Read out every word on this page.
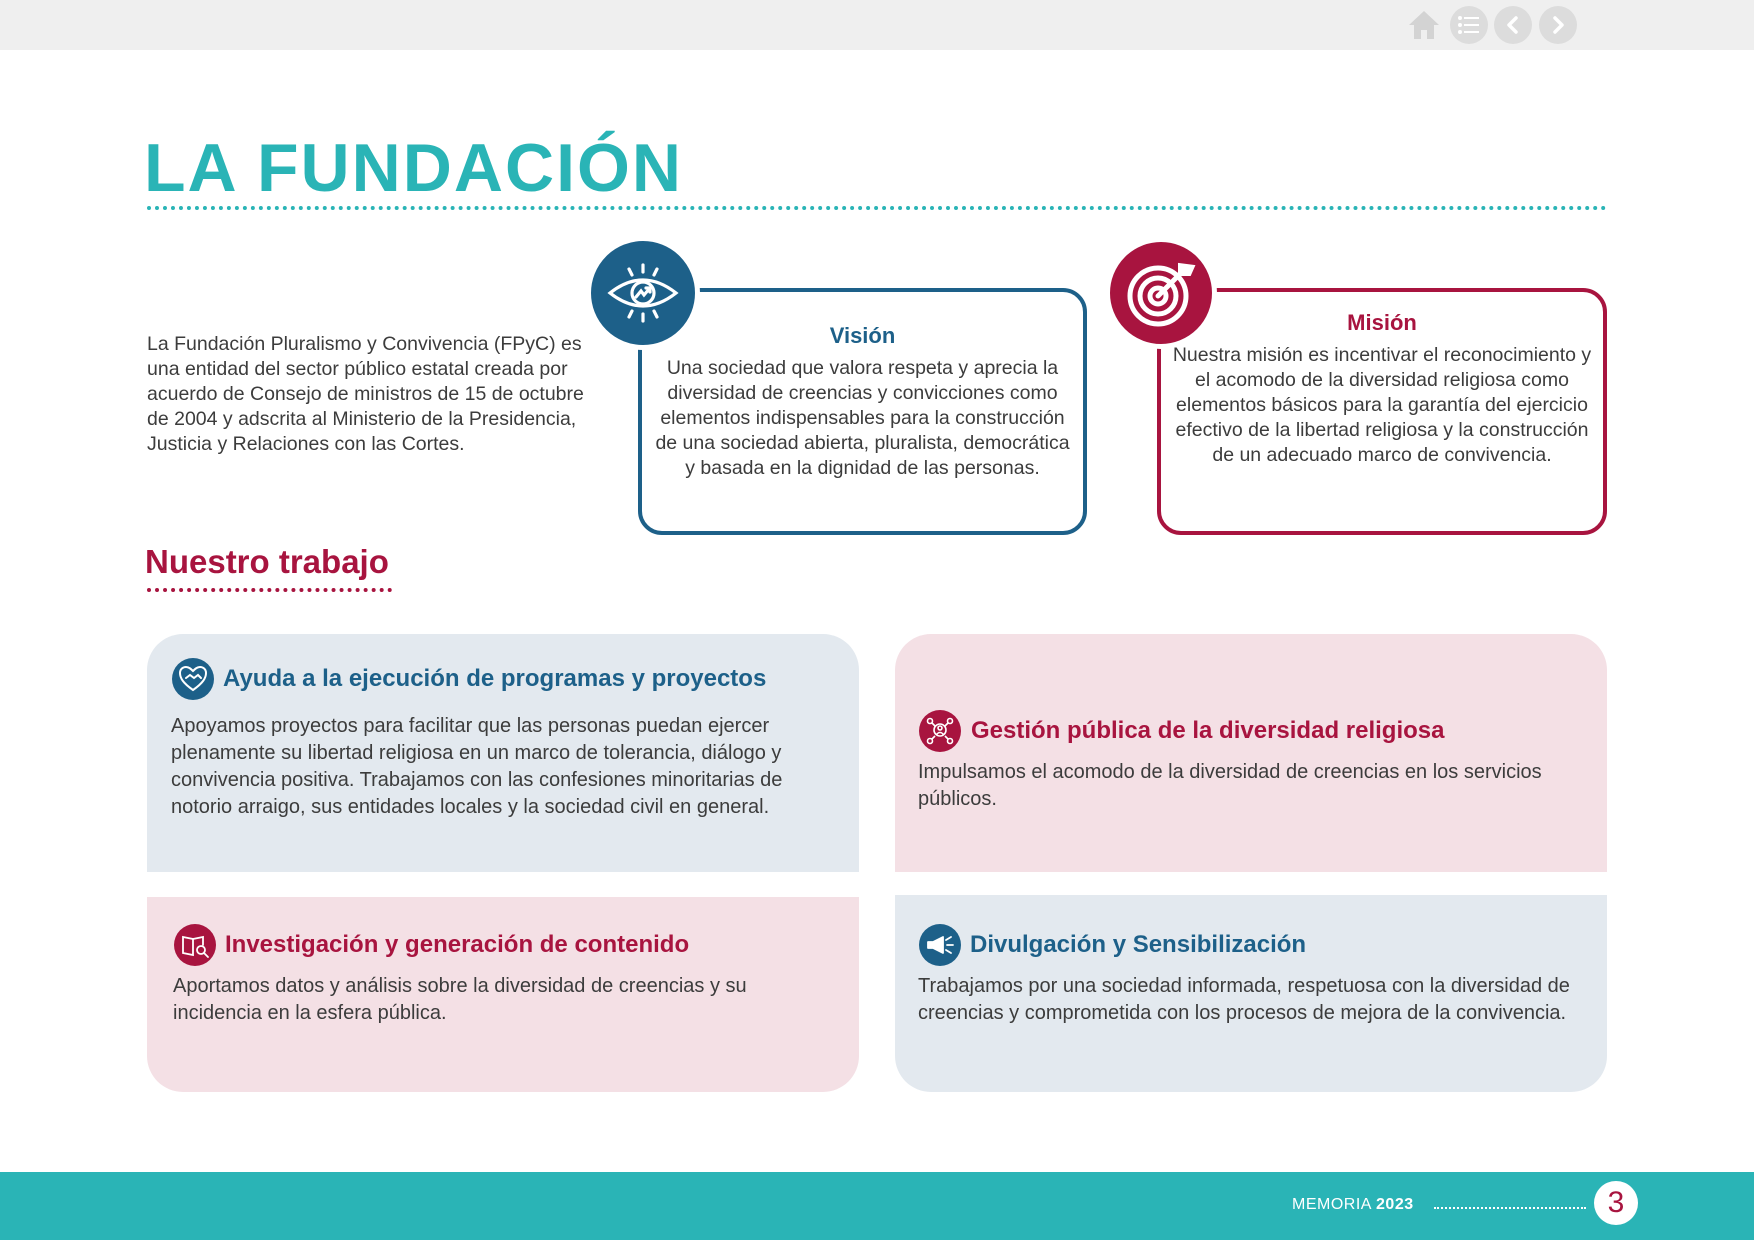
LA FUNDACIÓN

La Fundación Pluralismo y Convivencia (FPyC) es una entidad del sector público estatal creada por acuerdo de Consejo de ministros de 15 de octubre de 2004 y adscrita al Ministerio de la Presidencia, Justicia y Relaciones con las Cortes.

Visión

Una sociedad que valora respeta y aprecia la diversidad de creencias y convicciones como elementos indispensables para la construcción de una sociedad abierta, pluralista, democrática y basada en la dignidad de las personas.

Misión

Nuestra misión es incentivar el reconocimiento y el acomodo de la diversidad religiosa como elementos básicos para la garantía del ejercicio efectivo de la libertad religiosa y la construcción de un adecuado marco de convivencia.

Nuestro trabajo
Ayuda a la ejecución de programas y proyectos

Apoyamos proyectos para facilitar que las personas puedan ejercer plenamente su libertad religiosa en un marco de tolerancia, diálogo y convivencia positiva. Trabajamos con las confesiones minoritarias de notorio arraigo, sus entidades locales y la sociedad civil en general.

Gestión pública de la diversidad religiosa

Impulsamos el acomodo de la diversidad de creencias en los servicios públicos.

Investigación y generación de contenido

Aportamos datos y análisis sobre la diversidad de creencias y su incidencia en la esfera pública.

Divulgación y Sensibilización

Trabajamos por una sociedad informada, respetuosa con la diversidad de creencias y comprometida con los procesos de mejora de la convivencia.

MEMORIA 2023	3
